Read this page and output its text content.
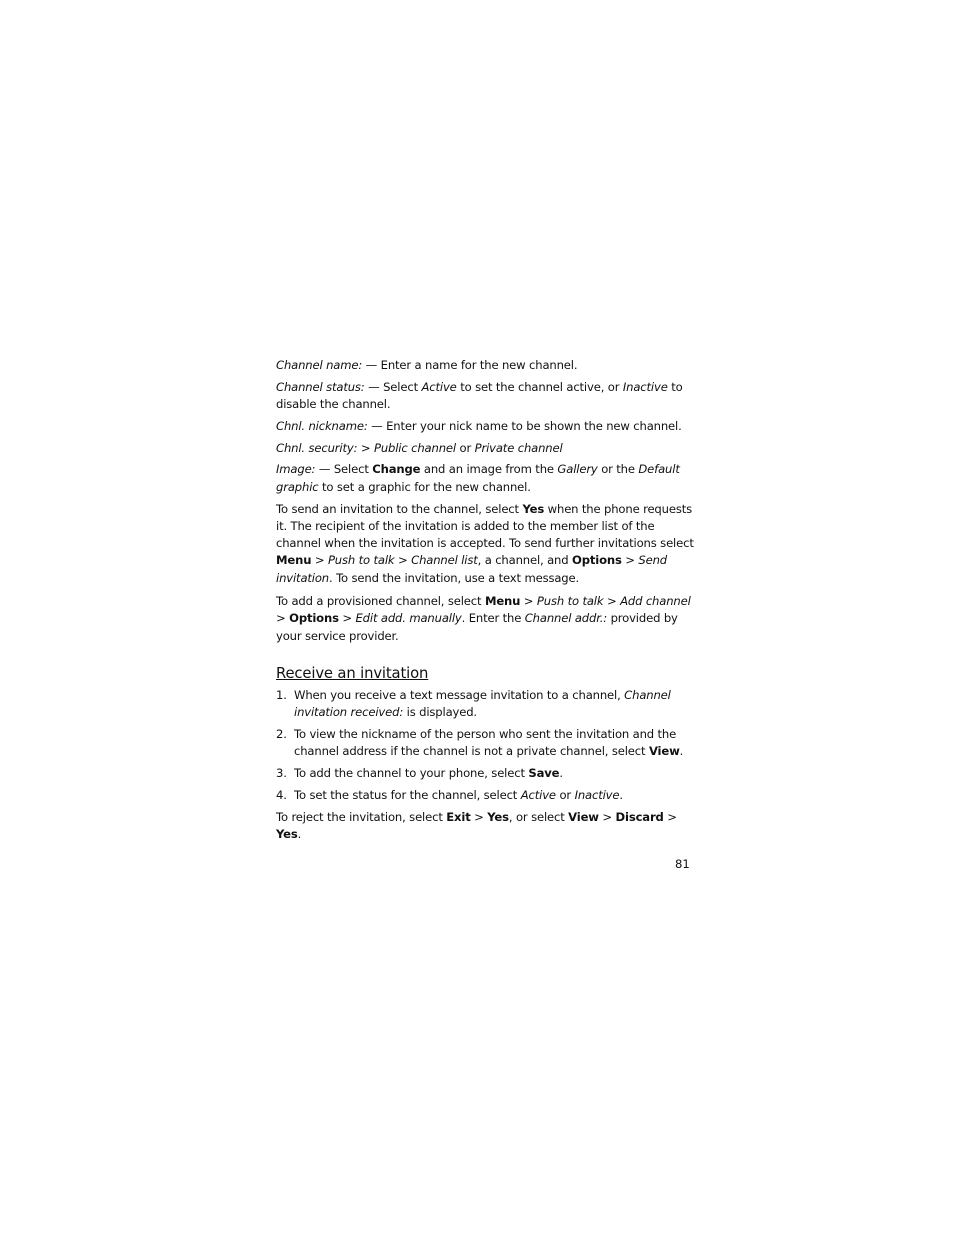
Channel name: — Enter a name for the new channel.

Channel status: — Select Active to set the channel active, or Inactive to disable the channel.

Chnl. nickname: — Enter your nick name to be shown the new channel.

Chnl. security: > Public channel or Private channel

Image: — Select Change and an image from the Gallery or the Default graphic to set a graphic for the new channel.

To send an invitation to the channel, select Yes when the phone requests it. The recipient of the invitation is added to the member list of the channel when the invitation is accepted. To send further invitations select Menu > Push to talk > Channel list, a channel, and Options > Send invitation. To send the invitation, use a text message.

To add a provisioned channel, select Menu > Push to talk > Add channel > Options > Edit add. manually. Enter the Channel addr.: provided by your service provider.

Receive an invitation
1. When you receive a text message invitation to a channel, Channel invitation received: is displayed.
2. To view the nickname of the person who sent the invitation and the channel address if the channel is not a private channel, select View.
3. To add the channel to your phone, select Save.
4. To set the status for the channel, select Active or Inactive.

To reject the invitation, select Exit > Yes, or select View > Discard > Yes.

81
